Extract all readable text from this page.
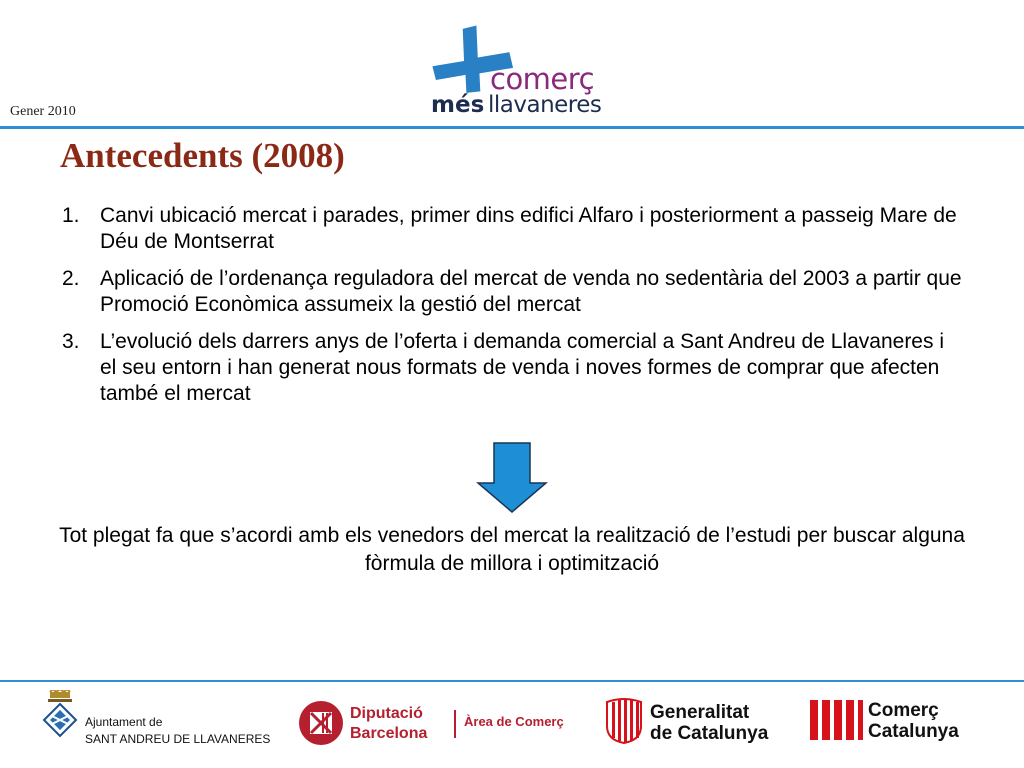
Gener 2010
comerç
més llavaneres
Antecedents (2008)
1. Canvi ubicació mercat i parades, primer dins edifici Alfaro i posteriorment a passeig Mare de Déu de Montserrat
2. Aplicació de l’ordenança reguladora del mercat de venda no sedentària del 2003 a partir que Promoció Econòmica assumeix la gestió del mercat
3. L’evolució dels darrers anys de l’oferta i demanda comercial a Sant Andreu de Llavaneres i el seu entorn i han generat nous formats de venda i noves formes de comprar que afecten també el mercat
Tot plegat fa que s’acordi amb els venedors del mercat la realització de l’estudi per buscar alguna fòrmula de millora i optimització
Ajuntament de
SANT ANDREU DE LLAVANERES
Diputació
Barcelona
Àrea de Comerç	Generalitat
de Catalunya
Comerç
Catalunya
